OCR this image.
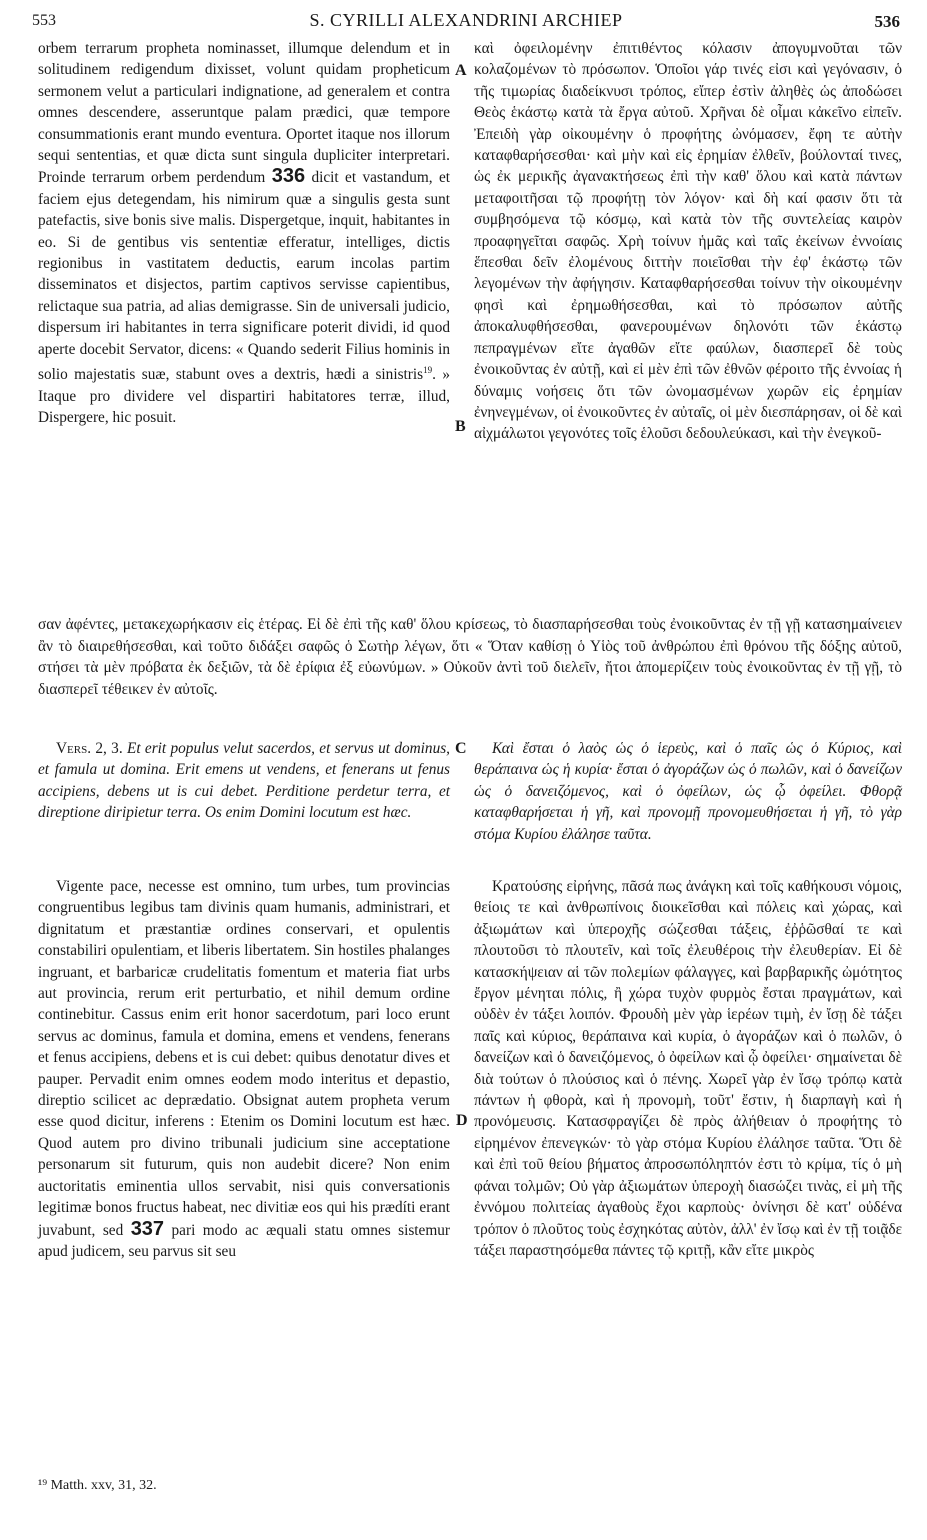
553	S. CYRILLI ALEXANDRINI ARCHIEP	536

orbem terrarum propheta nominasset, illumque delendum et in solitudinem redigendum dixisset, volunt quidam propheticum sermonem velut a particulari indignatione, ad generalem et contra omnes descendere, asseruntque palam prædici, quæ tempore consummationis erant mundo eventura. Oportet itaque nos illorum sequi sententias, et quæ dicta sunt singula dupliciter interpretari. Proinde terrarum orbem perdendum 336 dicit et vastandum, et faciem ejus detegendam, his nimirum quæ a singulis gesta sunt patefactis, sive bonis sive malis. Dispergetque, inquit, habitantes in eo. Si de gentibus vis sententiæ efferatur, intelliges, dictis regionibus in vastitatem deductis, earum incolas partim disseminatos et disjectos, partim captivos servisse capientibus, relictaque sua patria, ad alias demigrasse. Sin de universali judicio, dispersum iri habitantes in terra significare poterit dividi, id quod aperte docebit Servator, dicens: « Quando sederit Filius hominis in solio majestatis suæ, stabunt oves a dextris, hædi a sinistris$^{19}$. » Itaque pro dividere vel dispartiri habitatores terræ, illud, Dispergere, hic posuit.

καὶ ὀφειλομένην ἐπιτιθέντος κόλασιν ἀπογυμνοῦται τῶν κολαζομένων τὸ πρόσωπον. Ὁποῖοι γάρ τινές εἰσι καὶ γεγόνασιν, ὁ τῆς τιμωρίας διαδείκνυσι τρόπος, εἴπερ ἐστὶν ἀληθὲς ὡς ἀποδώσει Θεὸς ἑκάστῳ κατὰ τὰ ἔργα αὐτοῦ. Χρῆναι δὲ οἶμαι κἀκεῖνο εἰπεῖν. Ἐπειδὴ γὰρ οἰκουμένην ὁ προφήτης ὠνόμασεν, ἔφη τε αὐτὴν καταφθαρήσεσθαι· καὶ μὴν καὶ εἰς ἐρημίαν ἐλθεῖν, βούλονταί τινες, ὡς ἐκ μερικῆς ἀγανακτήσεως ἐπὶ τὴν καθ' ὅλου καὶ κατὰ πάντων μεταφοιτῆσαι τῷ προφήτῃ τὸν λόγον· καὶ δὴ καί φασιν ὅτι τὰ συμβησόμενα τῷ κόσμῳ, καὶ κατὰ τὸν τῆς συντελείας καιρὸν προαφηγεῖται σαφῶς. Χρὴ τοίνυν ἡμᾶς καὶ ταῖς ἐκείνων ἐννοίαις ἕπεσθαι δεῖν ἐλομένους διττὴν ποιεῖσθαι τὴν ἐφ' ἑκάστῳ τῶν λεγομένων τὴν ἀφήγησιν. Καταφθαρήσεσθαι τοίνυν τὴν οἰκουμένην φησὶ καὶ ἐρημωθήσεσθαι, καὶ τὸ πρόσωπον αὐτῆς ἀποκαλυφθήσεσθαι, φανερουμένων δηλονότι τῶν ἑκάστῳ πεπραγμένων εἴτε ἀγαθῶν εἴτε φαύλων, διασπερεῖ δὲ τοὺς ἐνοικοῦντας ἐν αὐτῇ, καὶ εἰ μὲν ἐπὶ τῶν ἐθνῶν φέροιτο τῆς ἐννοίας ἡ δύναμις νοήσεις ὅτι τῶν ὠνομασμένων χωρῶν εἰς ἐρημίαν ἐνηνεγμένων, οἱ ἐνοικοῦντες ἐν αὐταῖς, οἱ μὲν διεσπάρησαν, οἱ δὲ καὶ αἰχμάλωτοι γεγονότες τοῖς ἑλοῦσι δεδουλεύκασι, καὶ τὴν ἐνεγκοῦ-

A
B
σαν ἀφέντες, μετακεχωρήκασιν εἰς ἑτέρας. Εἰ δὲ ἐπὶ τῆς καθ' ὅλου κρίσεως, τὸ διασπαρήσεσθαι τοὺς ἐνοικοῦντας ἐν τῇ γῇ κατασημαίνειεν ἂν τὸ διαιρεθήσεσθαι, καὶ τοῦτο διδάξει σαφῶς ὁ Σωτὴρ λέγων, ὅτι « Ὅταν καθίσῃ ὁ Υἱὸς τοῦ ἀνθρώπου ἐπὶ θρόνου τῆς δόξης αὐτοῦ, στήσει τὰ μὲν πρόβατα ἐκ δεξιῶν, τὰ δὲ ἐρίφια ἐξ εὐωνύμων. » Οὐκοῦν ἀντὶ τοῦ διελεῖν, ἤτοι ἀπομερίζειν τοὺς ἐνοικοῦντας ἐν τῇ γῇ, τὸ διασπερεῖ τέθεικεν ἐν αὐτοῖς.

Vers. 2, 3. Et erit populus velut sacerdos, et servus ut dominus, et famula ut domina. Erit emens ut vendens, et fenerans ut fenus accipiens, debens ut is cui debet. Perditione perdetur terra, et direptione diripietur terra. Os enim Domini locutum est hæc.

C	Καὶ ἔσται ὁ λαὸς ὡς ὁ ἱερεὺς, καὶ ὁ παῖς ὡς ὁ Κύριος, καὶ θεράπαινα ὡς ἡ κυρία· ἔσται ὁ ἀγοράζων ὡς ὁ πωλῶν, καὶ ὁ δανείζων ὡς ὁ δανειζόμενος, καὶ ὁ ὀφείλων, ὡς ᾧ ὀφείλει. Φθορᾷ καταφθαρήσεται ἡ γῆ, καὶ προνομῇ προνομευθήσεται ἡ γῆ, τὸ γὰρ στόμα Κυρίου ἐλάλησε ταῦτα.

Vigente pace, necesse est omnino, tum urbes, tum provincias congruentibus legibus tam divinis quam humanis, administrari, et dignitatum et præstantiæ ordines conservari, et opulentis constabiliri opulentiam, et liberis libertatem. Sin hostiles phalanges ingruant, et barbaricæ crudelitatis fomentum et materia fiat urbs aut provincia, rerum erit perturbatio, et nihil demum ordine continebitur. Cassus enim erit honor sacerdotum, pari loco erunt servus ac dominus, famula et domina, emens et vendens, fenerans et fenus accipiens, debens et is cui debet: quibus denotatur dives et pauper. Pervadit enim omnes eodem modo interitus et depastio, direptio scilicet ac deprædatio. Obsignat autem propheta verum esse quod dicitur, inferens : Etenim os Domini locutum est hæc. Quod autem pro divino tribunali judicium sine acceptatione personarum sit futurum, quis non audebit dicere? Non enim auctoritatis eminentia ullos servabit, nisi quis conversationis legitimæ bonos fructus habeat, nec divitiæ eos qui his prædíti erant juvabunt, sed 337 pari modo ac æquali statu omnes sistemur apud judicem, seu parvus sit seu

D

Κρατούσης εἰρήνης, πᾶσά πως ἀνάγκη καὶ τοῖς καθήκουσι νόμοις, θείοις τε καὶ ἀνθρωπίνοις διοικεῖσθαι καὶ πόλεις καὶ χώρας, καὶ ἀξιωμάτων καὶ ὑπεροχῆς σώζεσθαι τάξεις, ἐῤῥῶσθαί τε καὶ πλουτοῦσι τὸ πλουτεῖν, καὶ τοῖς ἐλευθέροις τὴν ἐλευθερίαν. Εἰ δὲ κατασκήψειαν αἱ τῶν πολεμίων φάλαγγες, καὶ βαρβαρικῆς ὠμότητος ἔργον μένηται πόλις, ἢ χώρα τυχὸν φυρμὸς ἔσται πραγμάτων, καὶ οὐδὲν ἐν τάξει λοιπόν. Φρουδὴ μὲν γὰρ ἱερέων τιμὴ, ἐν ἴσῃ δὲ τάξει παῖς καὶ κύριος, θεράπαινα καὶ κυρία, ὁ ἀγοράζων καὶ ὁ πωλῶν, ὁ δανείζων καὶ ὁ δανειζόμενος, ὁ ὀφείλων καὶ ᾧ ὀφείλει· σημαίνεται δὲ διὰ τούτων ὁ πλούσιος καὶ ὁ πένης. Χωρεῖ γὰρ ἐν ἴσῳ τρόπῳ κατὰ πάντων ἡ φθορὰ, καὶ ἡ προνομὴ, τοῦτ' ἔστιν, ἡ διαρπαγὴ καὶ ἡ προνόμευσις. Κατασφραγίζει δὲ πρὸς ἀλήθειαν ὁ προφήτης τὸ εἰρημένον ἐπενεγκών· τὸ γὰρ στόμα Κυρίου ἐλάλησε ταῦτα. Ὅτι δὲ καὶ ἐπὶ τοῦ θείου βήματος ἀπροσωπόληπτόν ἐστι τὸ κρίμα, τίς ὁ μὴ φάναι τολμῶν; Οὐ γὰρ ἀξιωμάτων ὑπεροχὴ διασώζει τινὰς, εἰ μὴ τῆς ἐννόμου πολιτείας ἀγαθοὺς ἔχοι καρποὺς· ὀνίνησι δὲ κατ' οὐδένα τρόπον ὁ πλοῦτος τοὺς ἐσχηκότας αὐτὸν, ἀλλ' ἐν ἴσῳ καὶ ἐν τῇ τοιᾷδε τάξει παραστησόμεθα πάντες τῷ κριτῇ, κἂν εἴτε μικρὸς

¹⁹ Matth. xxv, 31, 32.
